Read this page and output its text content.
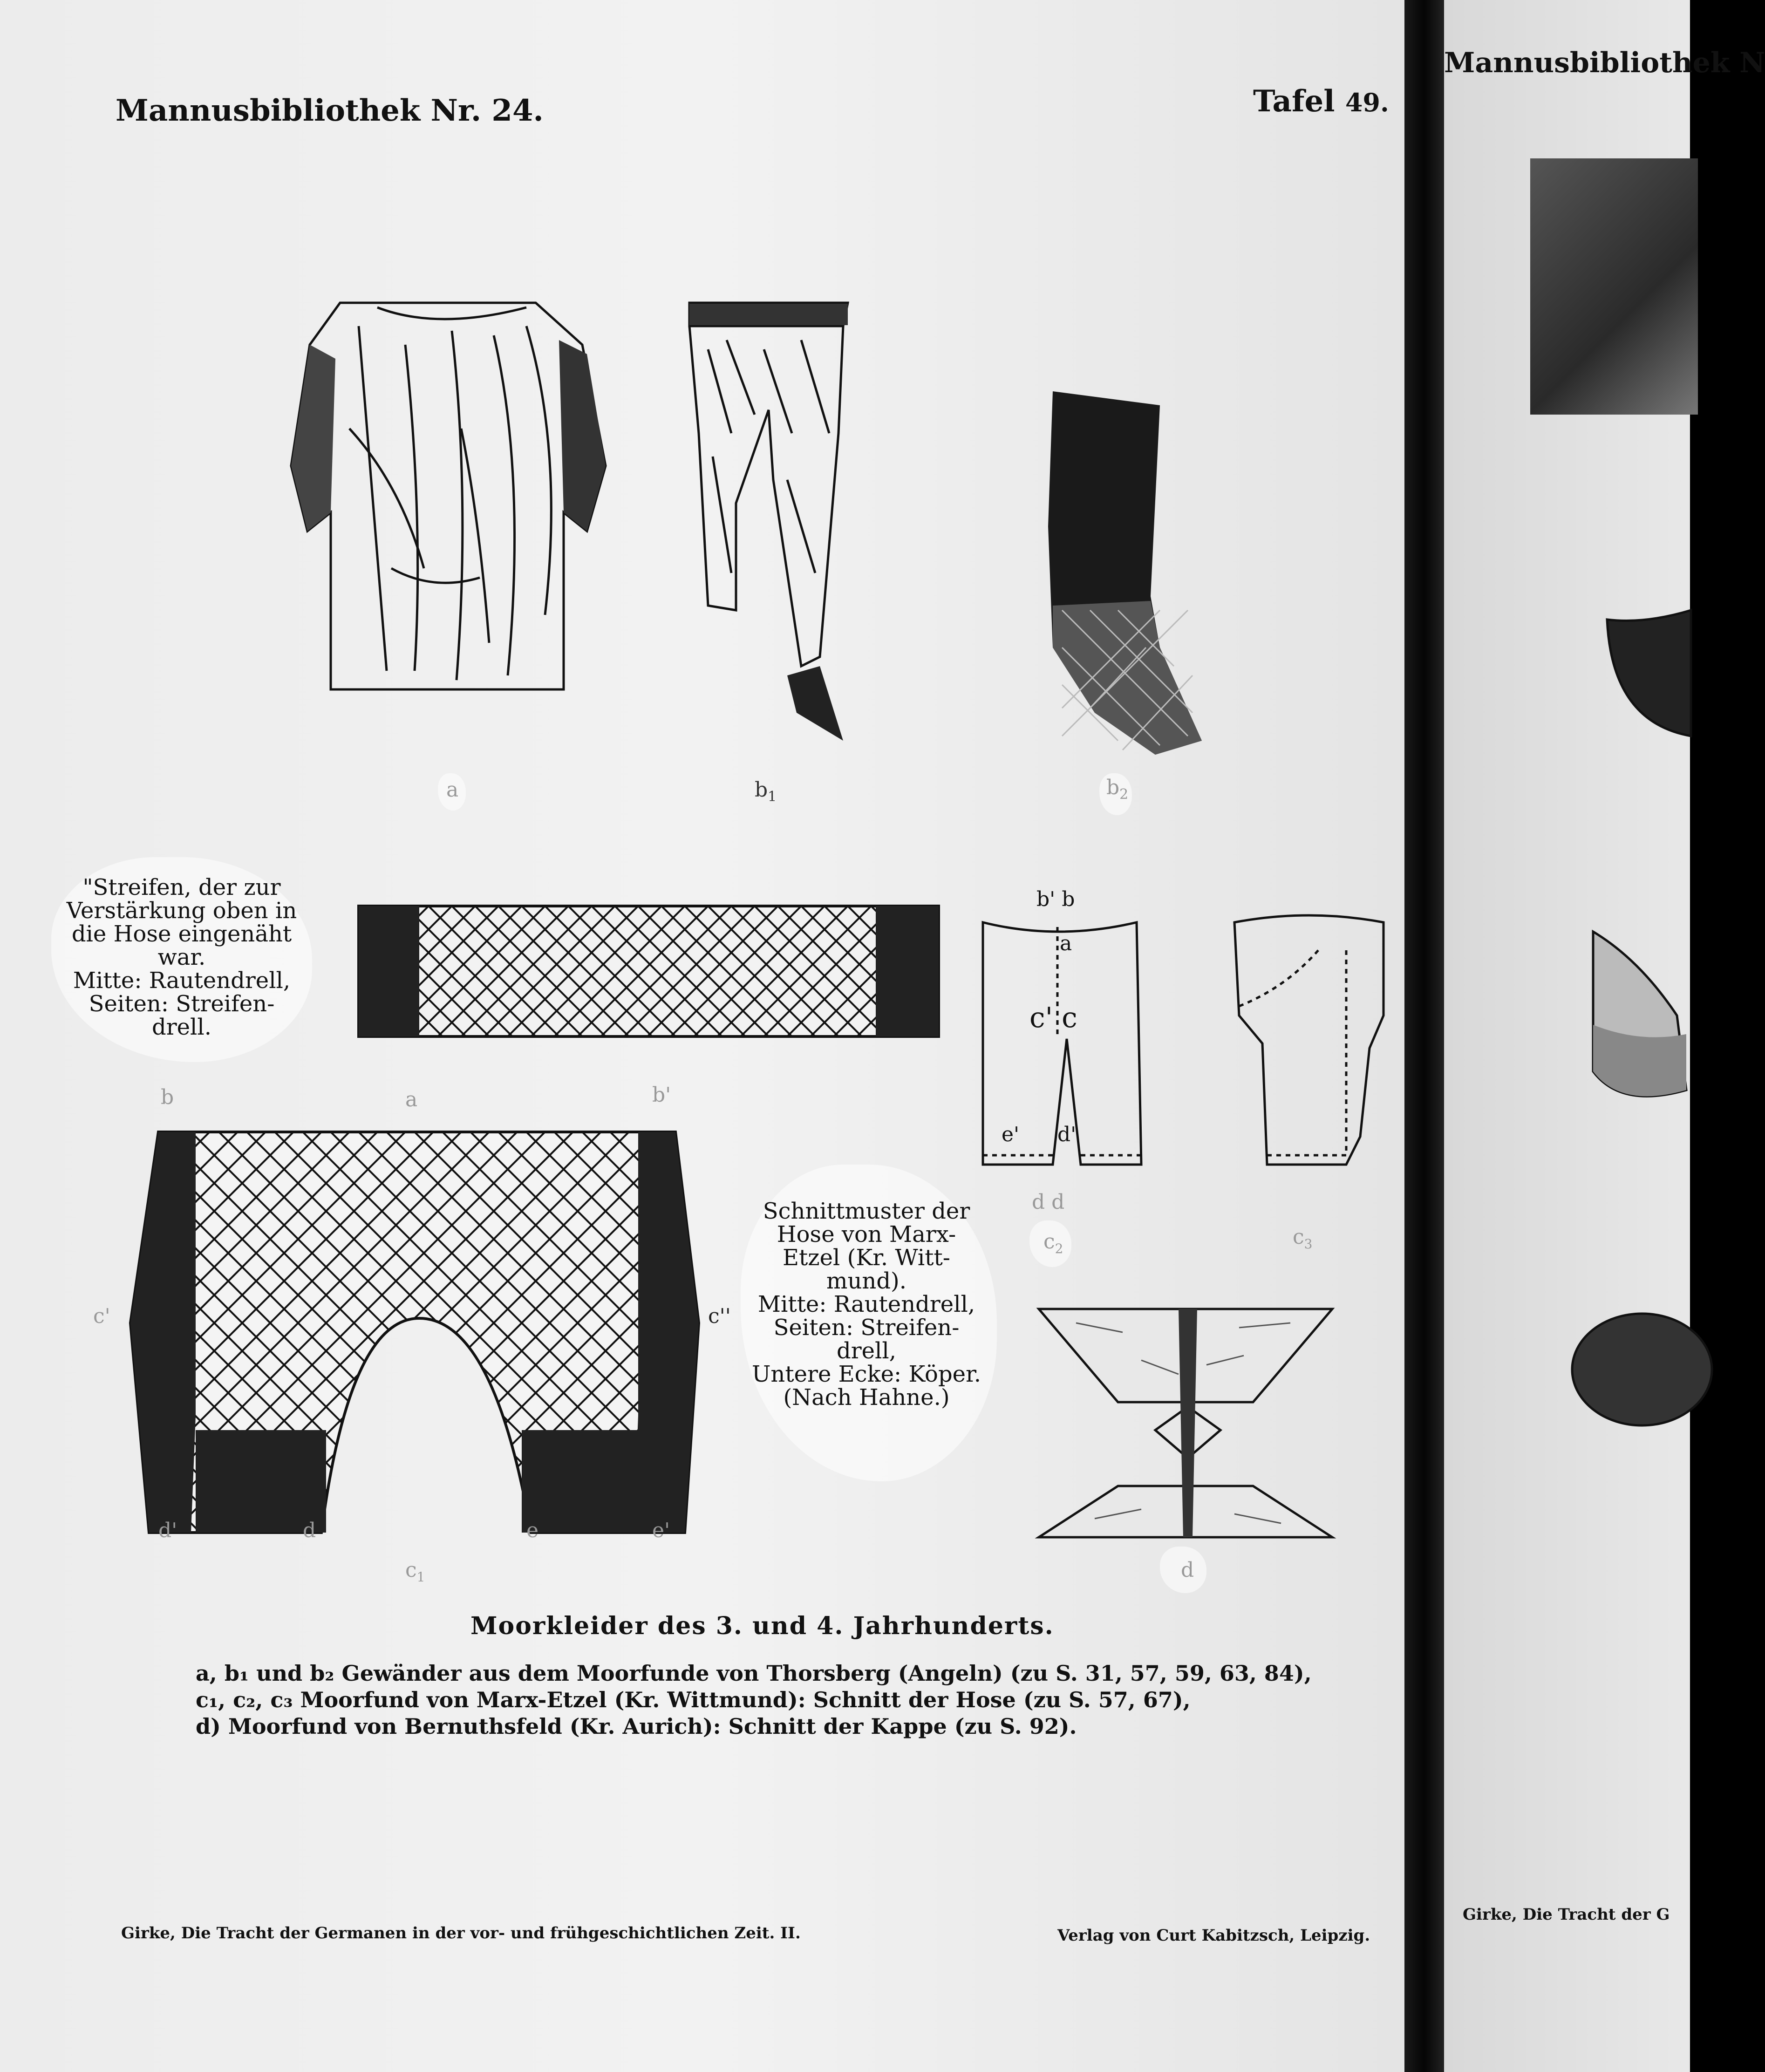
Mannusbibliothek Nr. 24.	Tafel 49.
a	$b_1$	$b_2$
"Streifen, der zur
Verstärkung oben in
die Hose eingenäht
war.
Mitte: Rautendrell,
Seiten: Streifen-
drell.
b	a	b'
c'	c''
Schnittmuster der
Hose von Marx-
Etzel (Kr. Witt-
mund).
Mitte: Rautendrell,
Seiten: Streifen-
drell,
Untere Ecke: Köper.
(Nach Hahne.)
d'	d	e	e'
$c_1$
b' b
a
c' c
e' d'
d d
$c_2$	$c_3$
d
Moorkleider des 3. und 4. Jahrhunderts.
a, b₁ und b₂ Gewänder aus dem Moorfunde von Thorsberg (Angeln) (zu S. 31, 57, 59, 63, 84),
c₁, c₂, c₃ Moorfund von Marx-Etzel (Kr. Wittmund): Schnitt der Hose (zu S. 57, 67),
d) Moorfund von Bernuthsfeld (Kr. Aurich): Schnitt der Kappe (zu S. 92).
Girke, Die Tracht der Germanen in der vor- und frühgeschichtlichen Zeit. II.	Verlag von Curt Kabitzsch, Leipzig.
Mannusbibliothek N
Girke, Die Tracht der G
